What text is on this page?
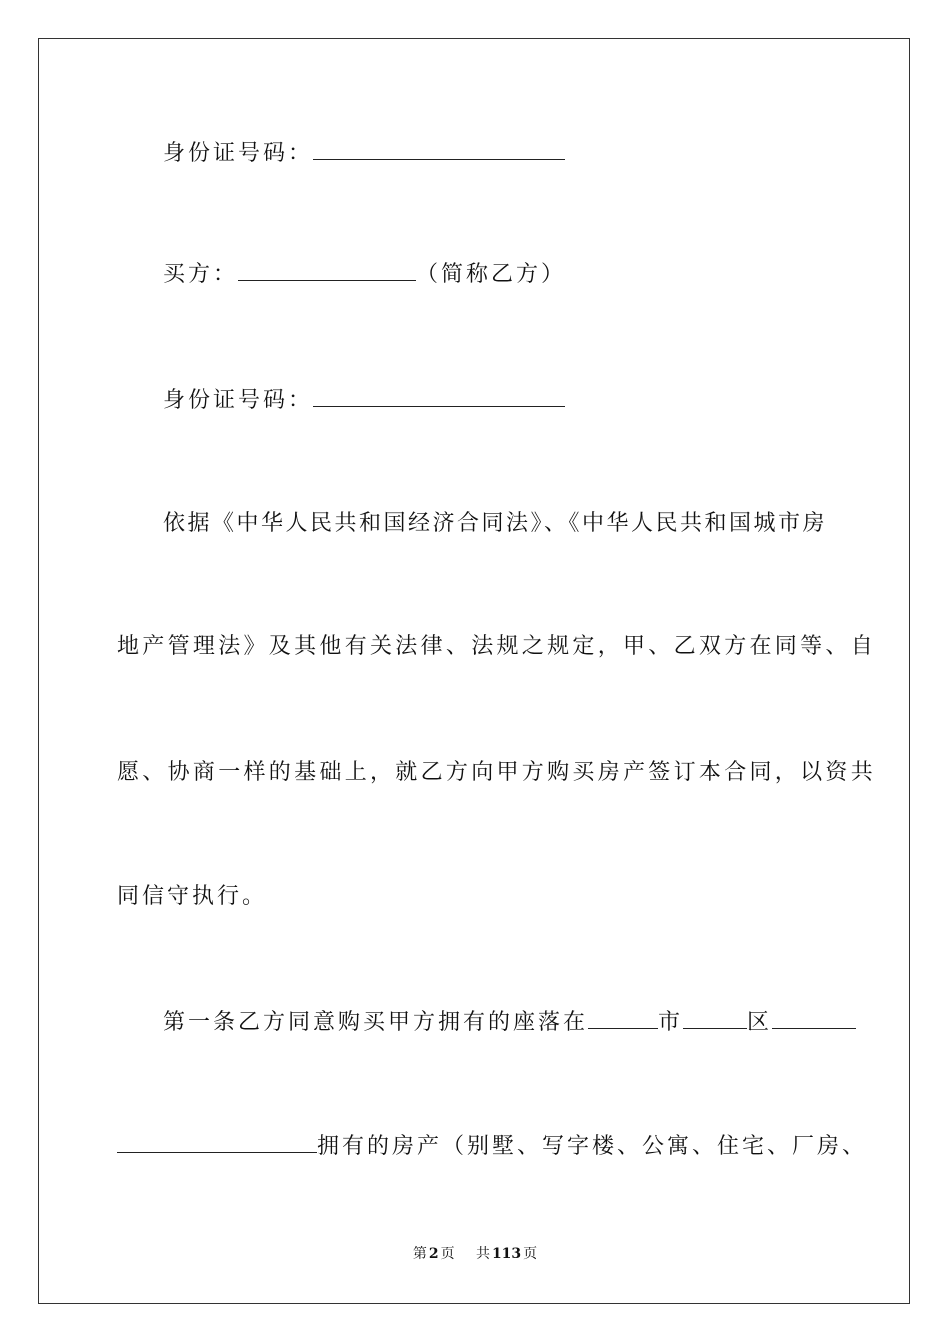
身份证号码：
买方：	（简称乙方）
身份证号码：
依据《中华人民共和国经济合同法》、《中华人民共和国城市房
地产管理法》及其他有关法律、法规之规定，甲、乙双方在同等、自
愿、协商一样的基础上，就乙方向甲方购买房产签订本合同，以资共
同信守执行。
第一条乙方同意购买甲方拥有的座落在	市	区
拥有的房产（别墅、写字楼、公寓、住宅、厂房、
第 2 页 共 113 页
